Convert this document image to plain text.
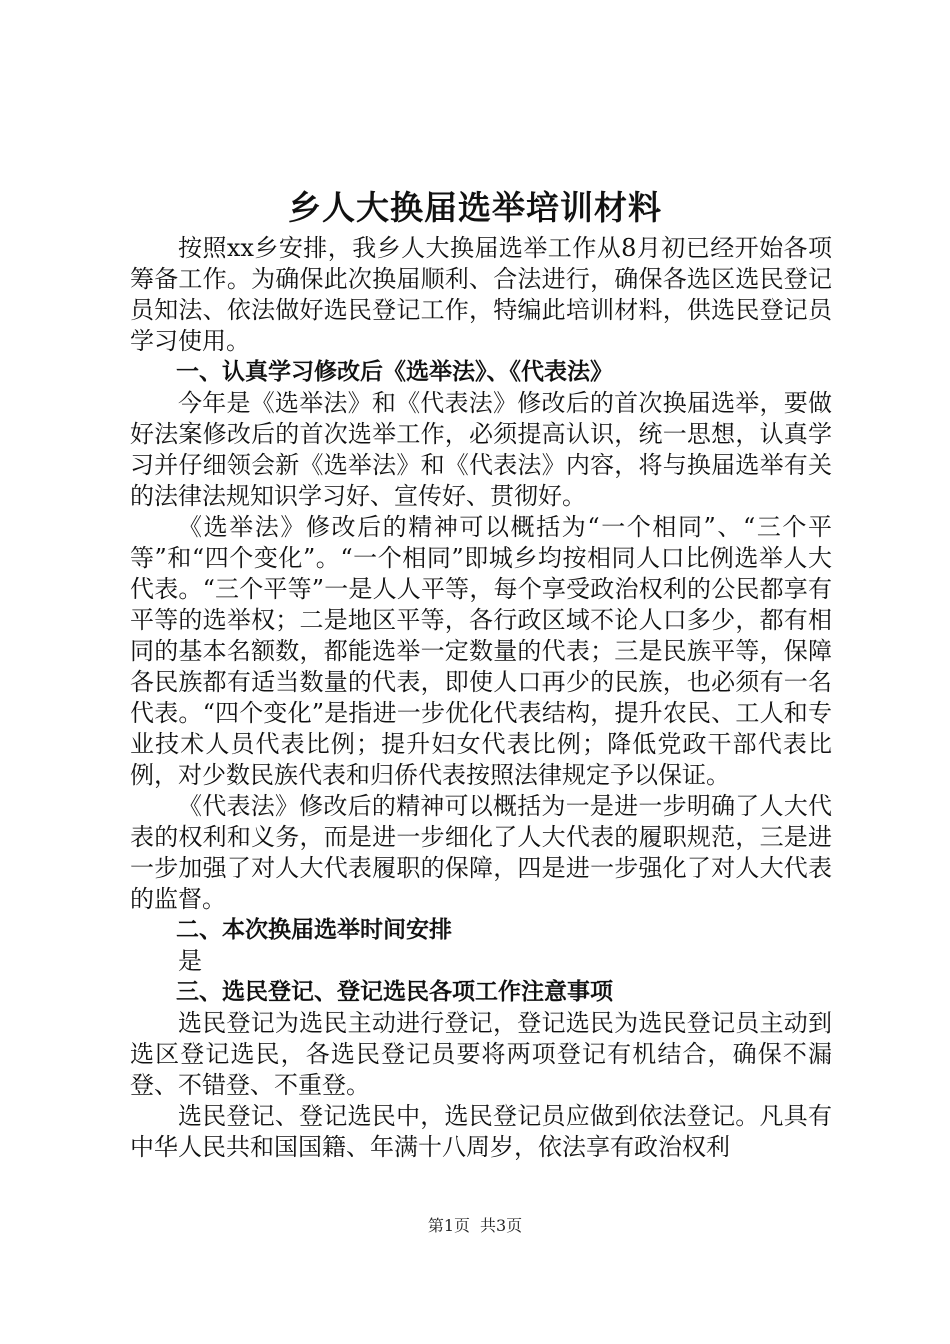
乡人大换届选举培训材料

按照xx乡安排，我乡人大换届选举工作从8月初已经开始各项筹备工作。为确保此次换届顺利、合法进行，确保各选区选民登记员知法、依法做好选民登记工作，特编此培训材料，供选民登记员学习使用。

一、认真学习修改后《选举法》、《代表法》

今年是《选举法》和《代表法》修改后的首次换届选举，要做好法案修改后的首次选举工作，必须提高认识，统一思想，认真学习并仔细领会新《选举法》和《代表法》内容，将与换届选举有关的法律法规知识学习好、宣传好、贯彻好。

《选举法》修改后的精神可以概括为“一个相同”、“三个平等”和“四个变化”。“一个相同”即城乡均按相同人口比例选举人大代表。“三个平等”一是人人平等，每个享受政治权利的公民都享有平等的选举权；二是地区平等，各行政区域不论人口多少，都有相同的基本名额数，都能选举一定数量的代表；三是民族平等，保障各民族都有适当数量的代表，即使人口再少的民族，也必须有一名代表。“四个变化”是指进一步优化代表结构，提升农民、工人和专业技术人员代表比例；提升妇女代表比例；降低党政干部代表比例，对少数民族代表和归侨代表按照法律规定予以保证。

《代表法》修改后的精神可以概括为一是进一步明确了人大代表的权利和义务，而是进一步细化了人大代表的履职规范，三是进一步加强了对人大代表履职的保障，四是进一步强化了对人大代表的监督。

二、本次换届选举时间安排

是

三、选民登记、登记选民各项工作注意事项

选民登记为选民主动进行登记，登记选民为选民登记员主动到选区登记选民，各选民登记员要将两项登记有机结合，确保不漏登、不错登、不重登。

选民登记、登记选民中，选民登记员应做到依法登记。凡具有中华人民共和国国籍、年满十八周岁，依法享有政治权利

第1页 共3页
